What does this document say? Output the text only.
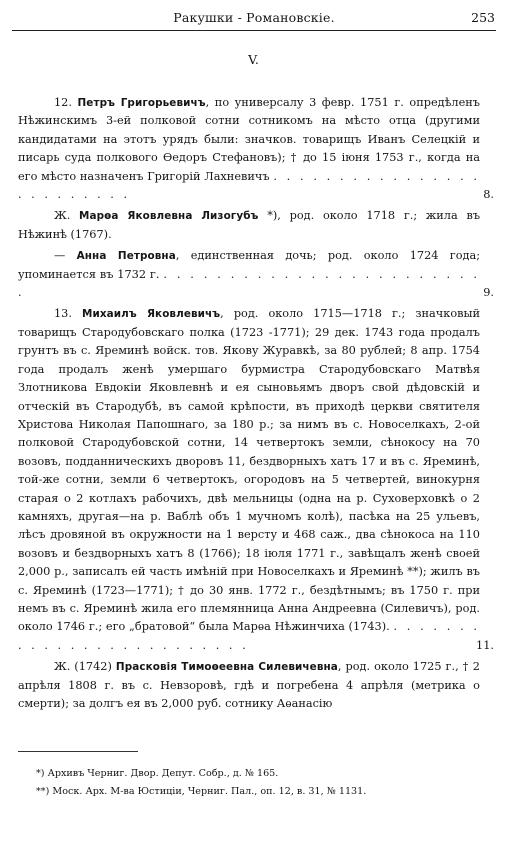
Ракушки - Романовскіе.	253
V.

12. Петръ Григорьевичъ, по универсалу 3 февр. 1751 г. опредѣленъ Нѣжинскимъ 3-ей полковой сотни сотникомъ на мѣсто отца (другими кандидатами на этотъ урядъ были: значков. товарищъ Иванъ Селецкій и писарь суда полкового Ѳедоръ Стефановъ); † до 15 іюня 1753 г., когда на его мѣсто назначенъ Григорій Лахневичъ . . . . . . . . . . . . . . . . . . . . . . . . .	8.

Ж. Марѳа Яковлевна Лизогубъ *), род. около 1718 г.; жила въ Нѣжинѣ (1767).

— Анна Петровна, единственная дочь; род. около 1724 года; упоминается въ 1732 г. . . . . . . . . . . . . . . . . . . . . . . . . .	9.

13. Михаилъ Яковлевичъ, род. около 1715—1718 г.; значковый товарищъ Стародубовскаго полка (1723 -1771); 29 дек. 1743 года продалъ грунтъ въ с. Яреминѣ войск. тов. Якову Журавкѣ, за 80 рублей; 8 апр. 1754 года продалъ женѣ умершаго бурмистра Стародубовскаго Матвѣя Злотникова Евдокіи Яковлевнѣ и ея сыновьямъ дворъ свой дѣдовскій и отческій въ Стародубѣ, въ самой крѣпости, въ приходѣ церкви святителя Христова Николая Папошнаго, за 180 р.; за нимъ въ с. Новоселкахъ, 2-ой полковой Стародубовской сотни, 14 четвертокъ земли, сѣнокосу на 70 возовъ, подданническихъ дворовъ 11, бездворныхъ хатъ 17 и въ с. Яреминѣ, той-же сотни, земли 6 четвертокъ, огородовъ на 5 четвертей, винокурня старая о 2 котлахъ рабочихъ, двѣ мельницы (одна на р. Суховерховкѣ о 2 камняхъ, другая—на р. Ваблѣ объ 1 мучномъ колѣ), пасѣка на 25 ульевъ, лѣсъ дровяной въ окружности на 1 версту и 468 саж., два сѣнокоса на 110 возовъ и бездворныхъ хатъ 8 (1766); 18 іюля 1771 г., завѣщалъ женѣ своей 2,000 р., записалъ ей часть имѣній при Новоселкахъ и Яреминѣ **); жилъ въ с. Яреминѣ (1723—1771); † до 30 янв. 1772 г., бездѣтнымъ; въ 1750 г. при немъ въ с. Яреминѣ жила его племянница Анна Андреевна (Силевичъ), род. около 1746 г.; его „братовой“ была Марѳа Нѣжинчиха (1743). . . . . . . . . . . . . . . . . . . . . . . . . .	11.

Ж. (1742) Прасковія Тимоѳеевна Силевичевна, род. около 1725 г., † 2 апрѣля 1808 г. въ с. Невзоровѣ, гдѣ и погребена 4 апрѣля (метрика о смерти); за долгъ ея въ 2,000 руб. сотнику Аѳанасію

*) Архивъ Черниг. Двор. Депут. Собр., д. № 165.
**) Моск. Арх. М-ва Юстиціи, Черниг. Пал., оп. 12, в. 31, № 1131.
